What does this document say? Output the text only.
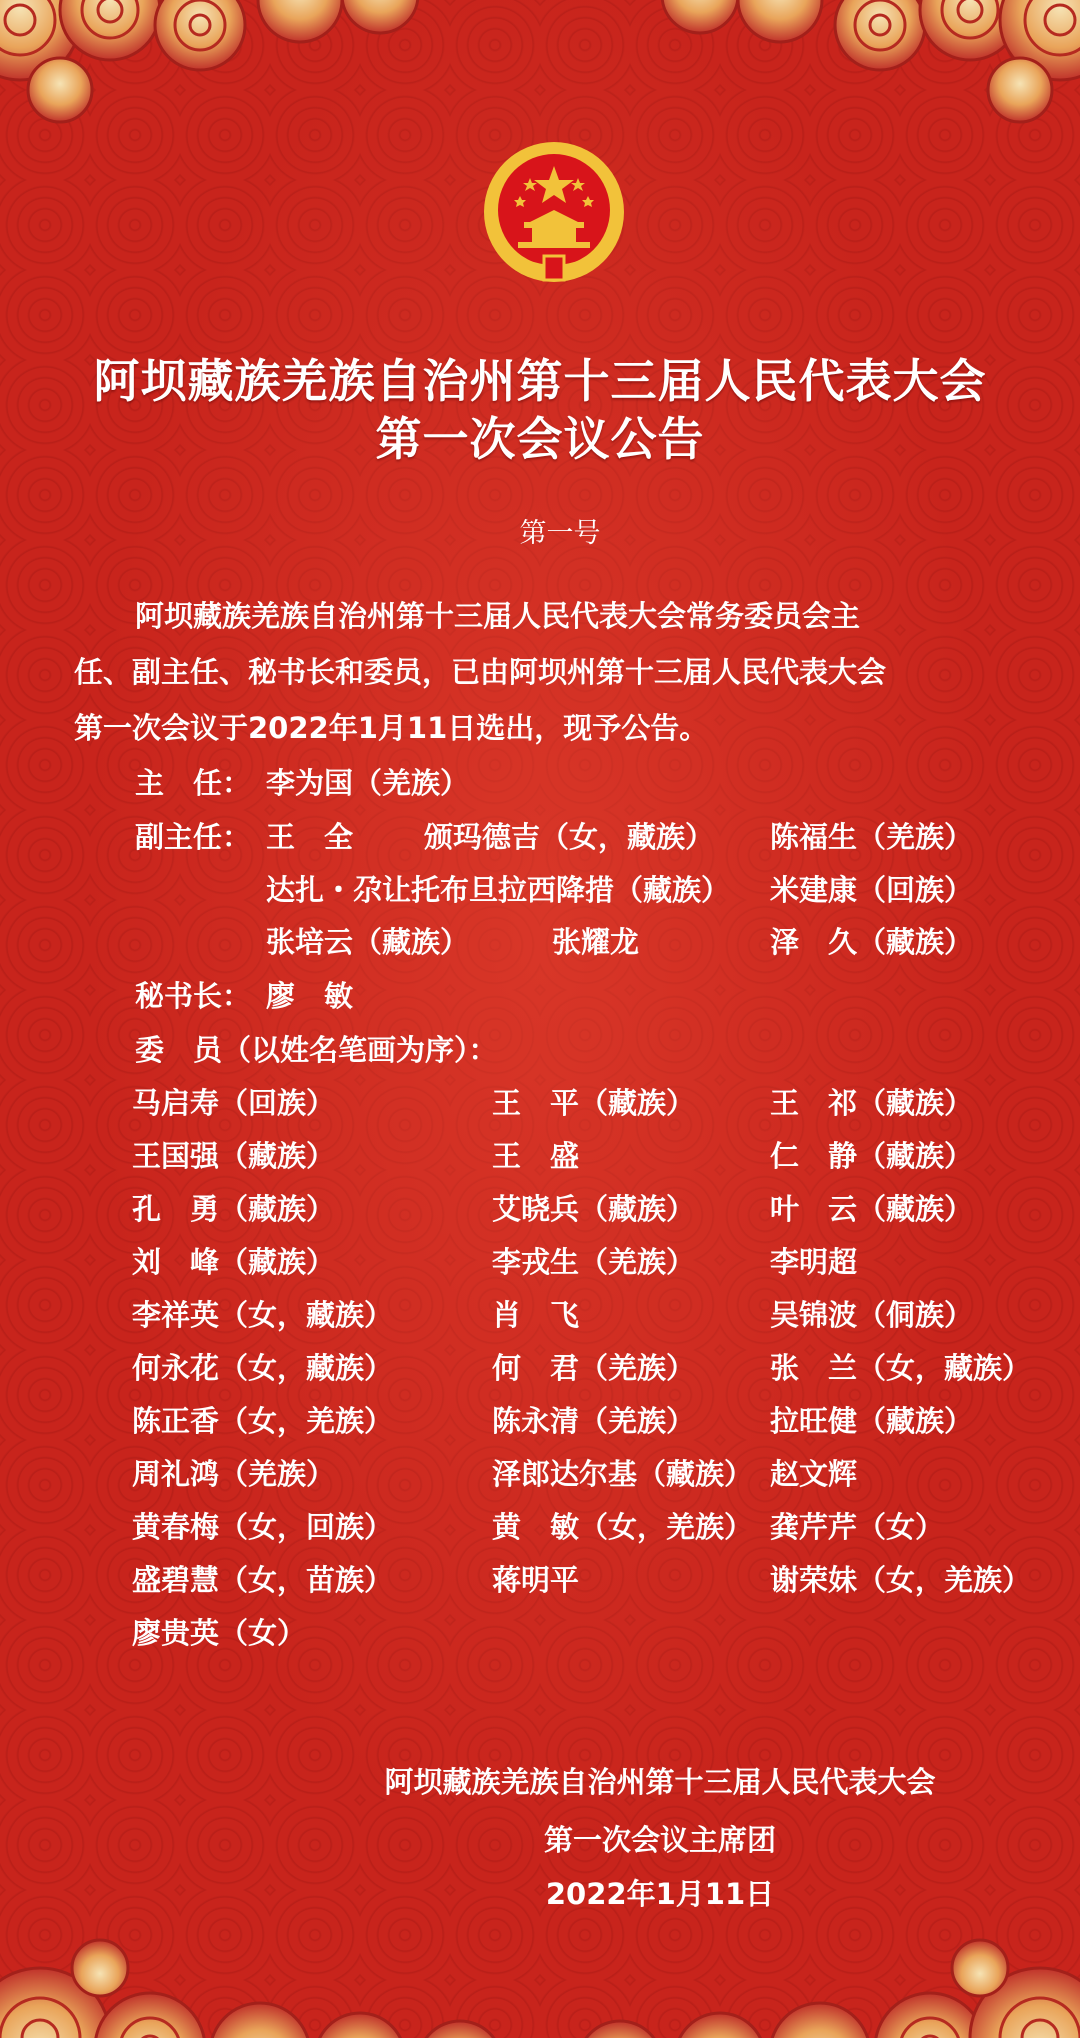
阿坝藏族羌族自治州第十三届人民代表大会
第一次会议公告
第一号
阿坝藏族羌族自治州第十三届人民代表大会常务委员会主
任、副主任、秘书长和委员，已由阿坝州第十三届人民代表大会
第一次会议于2022年1月11日选出，现予公告。
主　任： 李为国（羌族）
副主任： 王　全 颁玛德吉（女，藏族） 陈福生（羌族）
达扎・尕让托布旦拉西降措（藏族） 米建康（回族）
张培云（藏族）	张耀龙	泽　久（藏族）
秘书长： 廖　敏
委　员（以姓名笔画为序）：
马启寿（回族）	王　平（藏族）	王　祁（藏族）
王国强（藏族）	王　盛	仁　静（藏族）
孔　勇（藏族）	艾晓兵（藏族）	叶　云（藏族）
刘　峰（藏族）	李戎生（羌族）	李明超
李祥英（女，藏族）	肖　飞	吴锦波（侗族）
何永花（女，藏族）	何　君（羌族）	张　兰（女，藏族）
陈正香（女，羌族）	陈永清（羌族）	拉旺健（藏族）
周礼鸿（羌族）	泽郎达尔基（藏族） 赵文辉
黄春梅（女，回族）	黄　敏（女，羌族） 龚芹芹（女）
盛碧慧（女，苗族）	蒋明平	谢荣妹（女，羌族）
廖贵英（女）
阿坝藏族羌族自治州第十三届人民代表大会
第一次会议主席团
2022年1月11日
